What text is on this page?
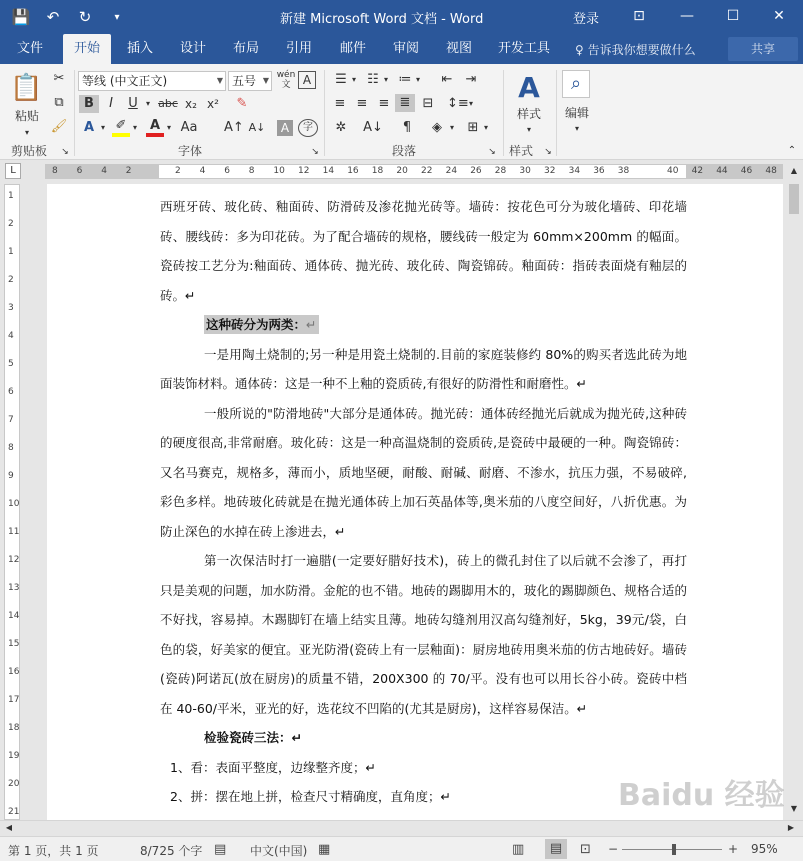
💾	↶	↻	▾	新建 Microsoft Word 文档 - Word	登录	⊡	—	☐	✕
文件	开始	插入	设计	布局	引用	邮件	审阅	视图	开发工具	♀ 告诉我你想要做什么	共享
📋
粘贴
▾
✂
⧉
🖌
剪贴板 ↘
等线 (中文正文)	▼ 五号 ▼
wén
文	A
B	I	U	▾ abc x₂ x²	✎
A ▾ ✐ ▾ A ▾ Aa A↑ A↓	A	字
字体	↘
☰ ▾ ☷ ▾ ≔ ▾	⇤	⇥
≡ ≡ ≡ ≣ ⊟	↕≡ ▾
✲	A↓	¶	◈ ▾	⊞ ▾
段落	↘
A
样式
▾
样式 ↘
⌕
编辑
▾
⌃
L	8 6 4 2	2 4 6 8 10 12 14 16 18 20 22 24 26 28 30 32 34 36 38	40 42 44 46 48
1
2
1
2
3
4
5
6
7
8
9
10
11
12
13
14
15
16
17
18
19
20
21

西班牙砖、玻化砖、釉面砖、防滑砖及渗花抛光砖等。墙砖：按花色可分为玻化墙砖、印花墙砖、腰线砖：多为印花砖。为了配合墙砖的规格，腰线砖一般定为 60mm×200mm 的幅面。瓷砖按工艺分为:釉面砖、通体砖、抛光砖、玻化砖、陶瓷锦砖。釉面砖：指砖表面烧有釉层的砖。↵

这种砖分为两类：↵

一是用陶土烧制的;另一种是用瓷土烧制的.目前的家庭装修约 80%的购买者选此砖为地面装饰材料。通体砖：这是一种不上釉的瓷质砖,有很好的防滑性和耐磨性。↵

一般所说的"防滑地砖"大部分是通体砖。抛光砖：通体砖经抛光后就成为抛光砖,这种砖的硬度很高,非常耐磨。玻化砖：这是一种高温烧制的瓷质砖,是瓷砖中最硬的一种。陶瓷锦砖：又名马赛克，规格多，薄而小，质地坚硬，耐酸、耐碱、耐磨、不渗水，抗压力强，不易破碎,彩色多样。地砖玻化砖就是在抛光通体砖上加石英晶体等,奥米茄的八度空间好，八折优惠。为防止深色的水掉在砖上渗进去，↵

第一次保洁时打一遍腊(一定要好腊好技术)，砖上的微孔封住了以后就不会渗了，再打只是美观的问题，加水防滑。金舵的也不错。地砖的踢脚用木的，玻化的踢脚颜色、规格合适的不好找，容易掉。木踢脚钉在墙上结实且薄。地砖勾缝剂用汉高勾缝剂好，5kg，39元/袋，白色的袋，好美家的便宜。亚光防滑(瓷砖上有一层釉面)：厨房地砖用奥米茄的仿古地砖好。墙砖(瓷砖)阿诺瓦(放在厨房)的质量不错，200X300 的 70/平。没有也可以用长谷小砖。瓷砖中档在 40-60/平米，亚光的好，选花纹不凹陷的(尤其是厨房)，这样容易保洁。↵

检验瓷砖三法：↵

1、看：表面平整度，边缘整齐度；↵

2、拼：摆在地上拼，检查尺寸精确度，直角度；↵	Baidu 经验
▲
▼
◀	▶
第 1 页，共 1 页	8/725 个字 ▤ 中文(中国) ▦	▥	▤	⊡ −	+ 95%
